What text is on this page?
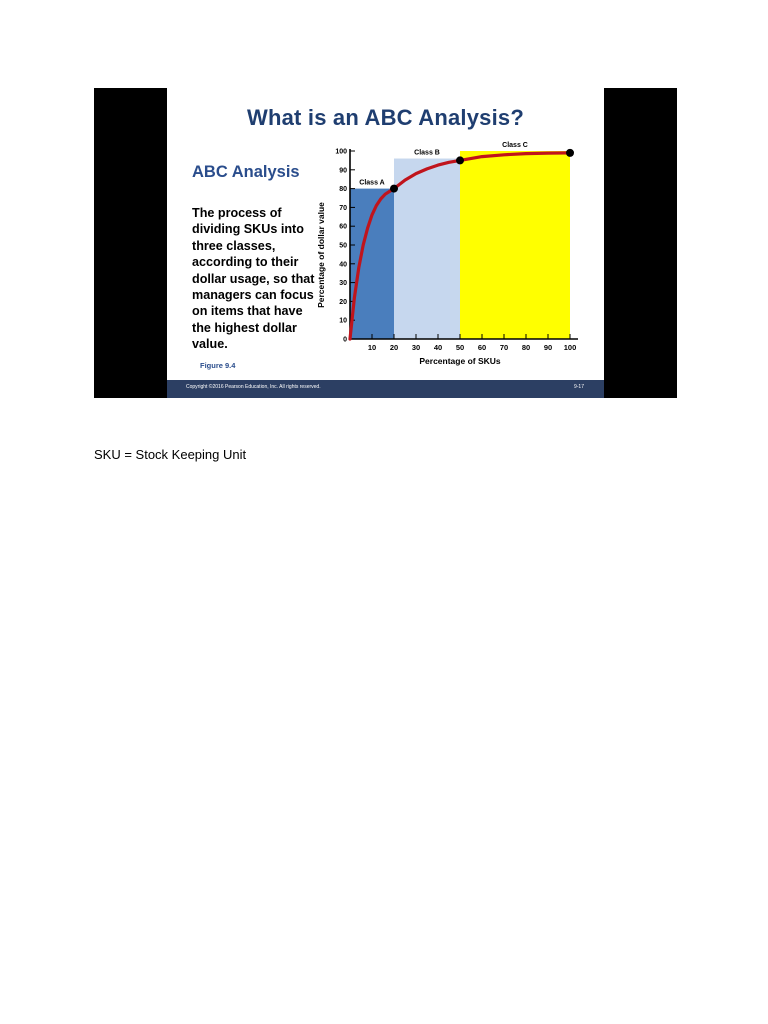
What is an ABC Analysis?
ABC Analysis
The process of dividing SKUs into three classes, according to their dollar usage, so that managers can focus on items that have the highest dollar value.
Figure 9.4
Class A
Class B
Class C
0
10
20
30
40
50
60
70
80
90
100
10 20 30 40 50 60 70 80 90 100
Percentage of SKUs
Percentage of dollar value
Copyright ©2016 Pearson Education, Inc. All rights reserved.	9-17
SKU = Stock Keeping Unit
